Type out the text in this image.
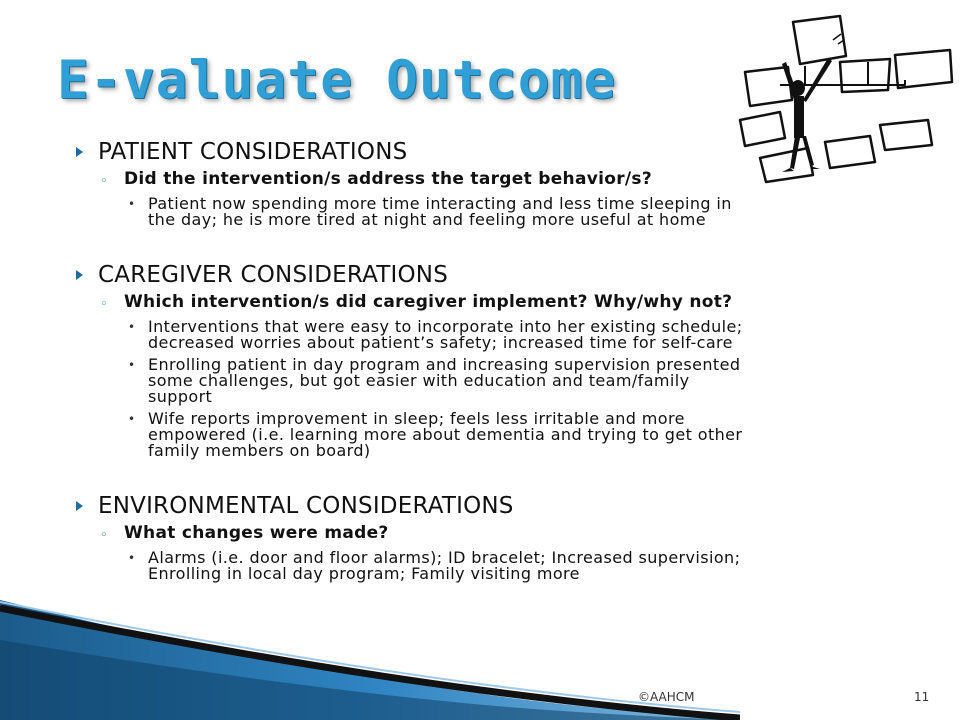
E-valuate Outcome
PATIENT CONSIDERATIONS
◦ Did the intervention/s address the target behavior/s?
• Patient now spending more time interacting and less time sleeping in
the day; he is more tired at night and feeling more useful at home
CAREGIVER CONSIDERATIONS
◦ Which intervention/s did caregiver implement? Why/why not?
• Interventions that were easy to incorporate into her existing schedule;
decreased worries about patient’s safety; increased time for self-care
• Enrolling patient in day program and increasing supervision presented
some challenges, but got easier with education and team/family
support
• Wife reports improvement in sleep; feels less irritable and more
empowered (i.e. learning more about dementia and trying to get other
family members on board)
ENVIRONMENTAL CONSIDERATIONS
◦ What changes were made?
• Alarms (i.e. door and floor alarms); ID bracelet; Increased supervision;
Enrolling in local day program; Family visiting more
©AAHCM	11
